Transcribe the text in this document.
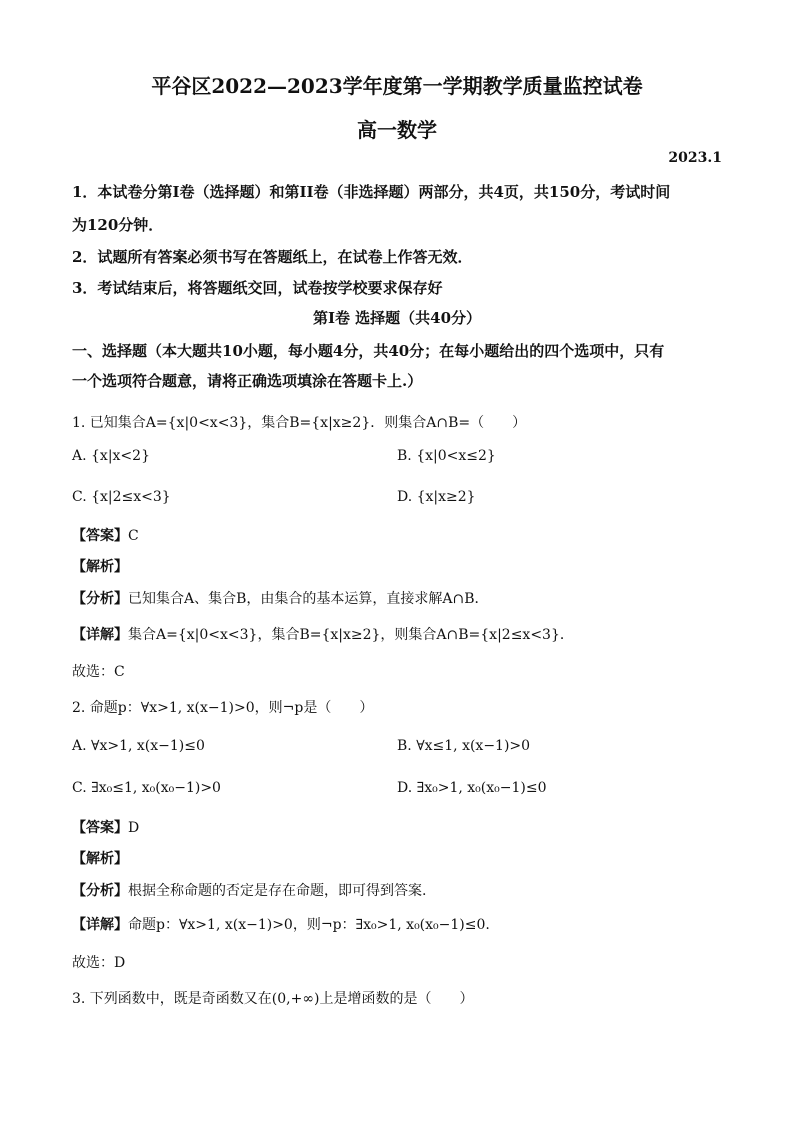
平谷区2022—2023学年度第一学期教学质量监控试卷
高一数学
2023.1
1．本试卷分第I卷（选择题）和第II卷（非选择题）两部分，共4页，共150分，考试时间
为120分钟．
2．试题所有答案必须书写在答题纸上，在试卷上作答无效．
3．考试结束后，将答题纸交回，试卷按学校要求保存好
第I卷 选择题（共40分）
一、选择题（本大题共10小题，每小题4分，共40分；在每小题给出的四个选项中，只有
一个选项符合题意，请将正确选项填涂在答题卡上.）
1. 已知集合A={x|0<x<3}，集合B={x|x≥2}．则集合A∩B=（　　）
A. {x|x<2}	B. {x|0<x≤2}
C. {x|2≤x<3}	D. {x|x≥2}
【答案】C
【解析】
【分析】已知集合A、集合B，由集合的基本运算，直接求解A∩B．
【详解】集合A={x|0<x<3}，集合B={x|x≥2}，则集合A∩B={x|2≤x<3}．
故选：C
2. 命题p：∀x>1, x(x−1)>0，则¬p是（　　）
A. ∀x>1, x(x−1)≤0	B. ∀x≤1, x(x−1)>0
C. ∃x₀≤1, x₀(x₀−1)>0	D. ∃x₀>1, x₀(x₀−1)≤0
【答案】D
【解析】
【分析】根据全称命题的否定是存在命题，即可得到答案.
【详解】命题p：∀x>1, x(x−1)>0，则¬p：∃x₀>1, x₀(x₀−1)≤0.
故选：D
3. 下列函数中，既是奇函数又在(0,+∞)上是增函数的是（　　）
